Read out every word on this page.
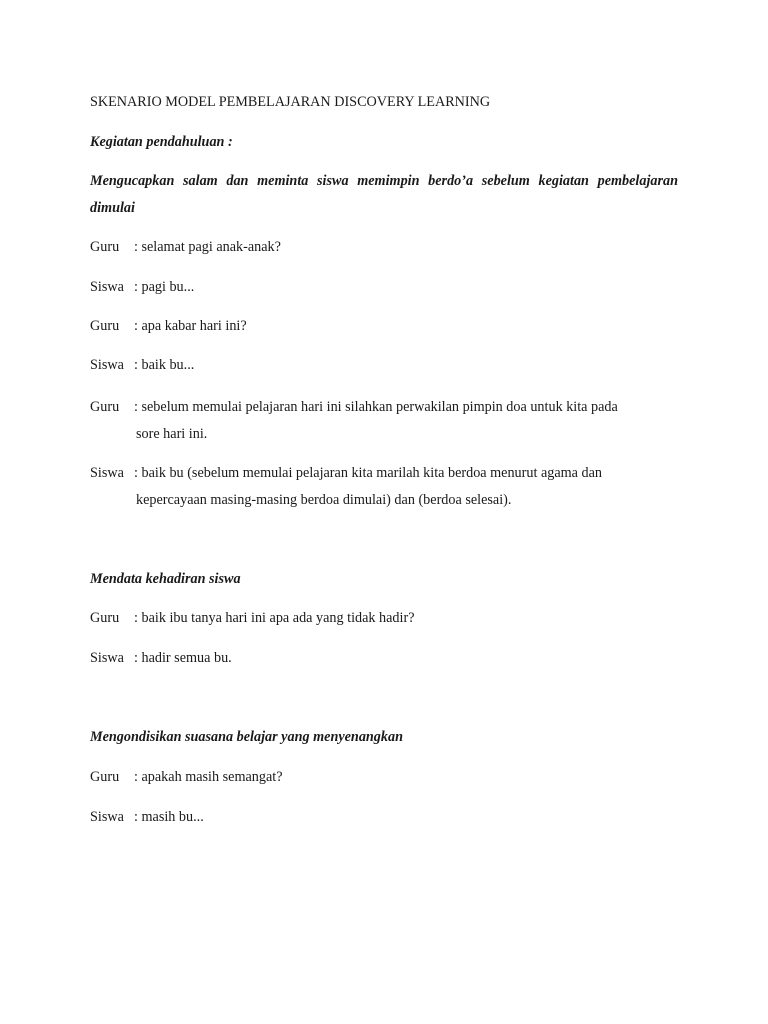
SKENARIO MODEL PEMBELAJARAN DISCOVERY LEARNING
Kegiatan pendahuluan :
Mengucapkan salam dan meminta siswa memimpin berdo’a sebelum kegiatan pembelajaran dimulai
Guru	: selamat pagi anak-anak?
Siswa : pagi bu...
Guru	: apa kabar hari ini?
Siswa : baik bu...
Guru	: sebelum memulai pelajaran hari ini silahkan perwakilan pimpin doa untuk kita pada
sore hari ini.
Siswa : baik bu (sebelum memulai pelajaran kita marilah kita berdoa menurut agama dan
kepercayaan masing-masing berdoa dimulai) dan (berdoa selesai).
Mendata kehadiran siswa
Guru	: baik ibu tanya hari ini apa ada yang tidak hadir?
Siswa : hadir semua bu.
Mengondisikan suasana belajar yang menyenangkan
Guru	: apakah masih semangat?
Siswa : masih bu...
